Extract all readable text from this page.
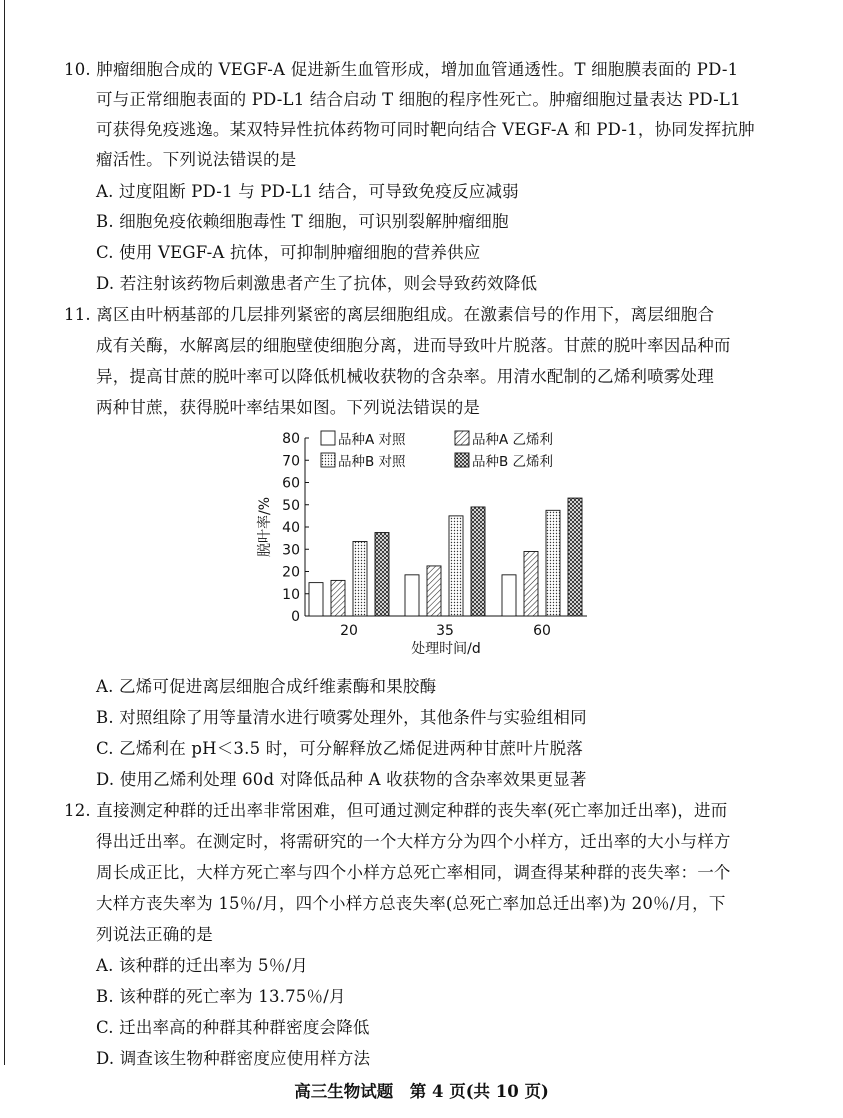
10. 肿瘤细胞合成的 VEGF-A 促进新生血管形成，增加血管通透性。T 细胞膜表面的 PD-1
可与正常细胞表面的 PD-L1 结合启动 T 细胞的程序性死亡。肿瘤细胞过量表达 PD-L1
可获得免疫逃逸。某双特异性抗体药物可同时靶向结合 VEGF-A 和 PD-1，协同发挥抗肿
瘤活性。下列说法错误的是
A. 过度阻断 PD-1 与 PD-L1 结合，可导致免疫反应减弱
B. 细胞免疫依赖细胞毒性 T 细胞，可识别裂解肿瘤细胞
C. 使用 VEGF-A 抗体，可抑制肿瘤细胞的营养供应
D. 若注射该药物后刺激患者产生了抗体，则会导致药效降低
11. 离区由叶柄基部的几层排列紧密的离层细胞组成。在激素信号的作用下，离层细胞合
成有关酶，水解离层的细胞壁使细胞分离，进而导致叶片脱落。甘蔗的脱叶率因品种而
异，提高甘蔗的脱叶率可以降低机械收获物的含杂率。用清水配制的乙烯利喷雾处理
两种甘蔗，获得脱叶率结果如图。下列说法错误的是
0
10
20
30
40
50
60
70
80
20	35	60
脱叶率/%
处理时间/d
品种A 对照	品种A 乙烯利
品种B 对照	品种B 乙烯利
A. 乙烯可促进离层细胞合成纤维素酶和果胶酶
B. 对照组除了用等量清水进行喷雾处理外，其他条件与实验组相同
C. 乙烯利在 pH＜3.5 时，可分解释放乙烯促进两种甘蔗叶片脱落
D. 使用乙烯利处理 60d 对降低品种 A 收获物的含杂率效果更显著
12. 直接测定种群的迁出率非常困难，但可通过测定种群的丧失率(死亡率加迁出率)，进而
得出迁出率。在测定时，将需研究的一个大样方分为四个小样方，迁出率的大小与样方
周长成正比，大样方死亡率与四个小样方总死亡率相同，调查得某种群的丧失率：一个
大样方丧失率为 15％/月，四个小样方总丧失率(总死亡率加总迁出率)为 20％/月，下
列说法正确的是
A. 该种群的迁出率为 5％/月
B. 该种群的死亡率为 13.75％/月
C. 迁出率高的种群其种群密度会降低
D. 调查该生物种群密度应使用样方法
高三生物试题　第 4 页(共 10 页)
